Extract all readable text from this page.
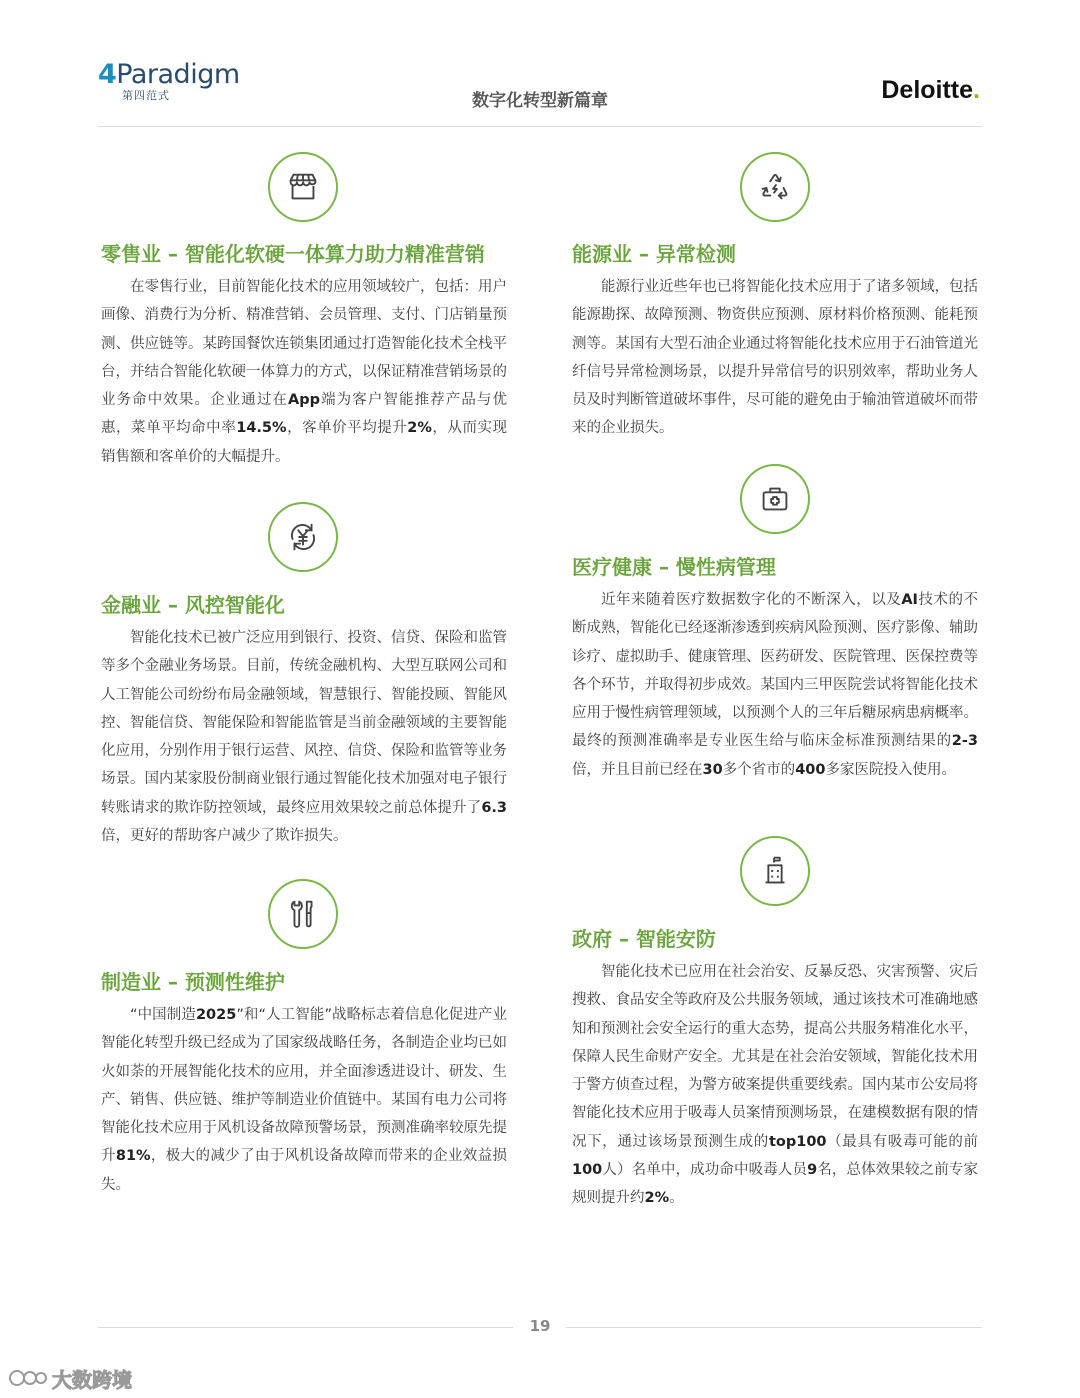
4Paradigm
第四范式	数字化转型新篇章	Deloitte.
零售业 – 智能化软硬一体算力助力精准营销
在零售行业，目前智能化技术的应用领域较广，包括：用户画像、消费行为分析、精准营销、会员管理、支付、门店销量预测、供应链等。某跨国餐饮连锁集团通过打造智能化技术全栈平台，并结合智能化软硬一体算力的方式，以保证精准营销场景的业务命中效果。企业通过在App端为客户智能推荐产品与优惠，菜单平均命中率14.5%，客单价平均提升2%，从而实现销售额和客单价的大幅提升。
金融业 – 风控智能化
智能化技术已被广泛应用到银行、投资、信贷、保险和监管等多个金融业务场景。目前，传统金融机构、大型互联网公司和人工智能公司纷纷布局金融领域，智慧银行、智能投顾、智能风控、智能信贷、智能保险和智能监管是当前金融领域的主要智能化应用，分别作用于银行运营、风控、信贷、保险和监管等业务场景。国内某家股份制商业银行通过智能化技术加强对电子银行转账请求的欺诈防控领域，最终应用效果较之前总体提升了6.3倍，更好的帮助客户减少了欺诈损失。
制造业 – 预测性维护
“中国制造2025”和“人工智能”战略标志着信息化促进产业智能化转型升级已经成为了国家级战略任务，各制造企业均已如火如荼的开展智能化技术的应用，并全面渗透进设计、研发、生产、销售、供应链、维护等制造业价值链中。某国有电力公司将智能化技术应用于风机设备故障预警场景，预测准确率较原先提升81%，极大的减少了由于风机设备故障而带来的企业效益损失。
能源业 – 异常检测
能源行业近些年也已将智能化技术应用于了诸多领域，包括能源勘探、故障预测、物资供应预测、原材料价格预测、能耗预测等。某国有大型石油企业通过将智能化技术应用于石油管道光纤信号异常检测场景，以提升异常信号的识别效率，帮助业务人员及时判断管道破坏事件，尽可能的避免由于输油管道破坏而带来的企业损失。
医疗健康 – 慢性病管理
近年来随着医疗数据数字化的不断深入，以及AI技术的不断成熟，智能化已经逐渐渗透到疾病风险预测、医疗影像、辅助诊疗、虚拟助手、健康管理、医药研发、医院管理、医保控费等各个环节，并取得初步成效。某国内三甲医院尝试将智能化技术应用于慢性病管理领域，以预测个人的三年后糖尿病患病概率。最终的预测准确率是专业医生给与临床金标准预测结果的2-3倍，并且目前已经在30多个省市的400多家医院投入使用。
政府 – 智能安防
智能化技术已应用在社会治安、反暴反恐、灾害预警、灾后搜救、食品安全等政府及公共服务领域，通过该技术可准确地感知和预测社会安全运行的重大态势，提高公共服务精准化水平，保障人民生命财产安全。尤其是在社会治安领域，智能化技术用于警方侦查过程，为警方破案提供重要线索。国内某市公安局将智能化技术应用于吸毒人员案情预测场景，在建模数据有限的情况下，通过该场景预测生成的top100（最具有吸毒可能的前100人）名单中，成功命中吸毒人员9名，总体效果较之前专家规则提升约2%。
19
大数跨境
